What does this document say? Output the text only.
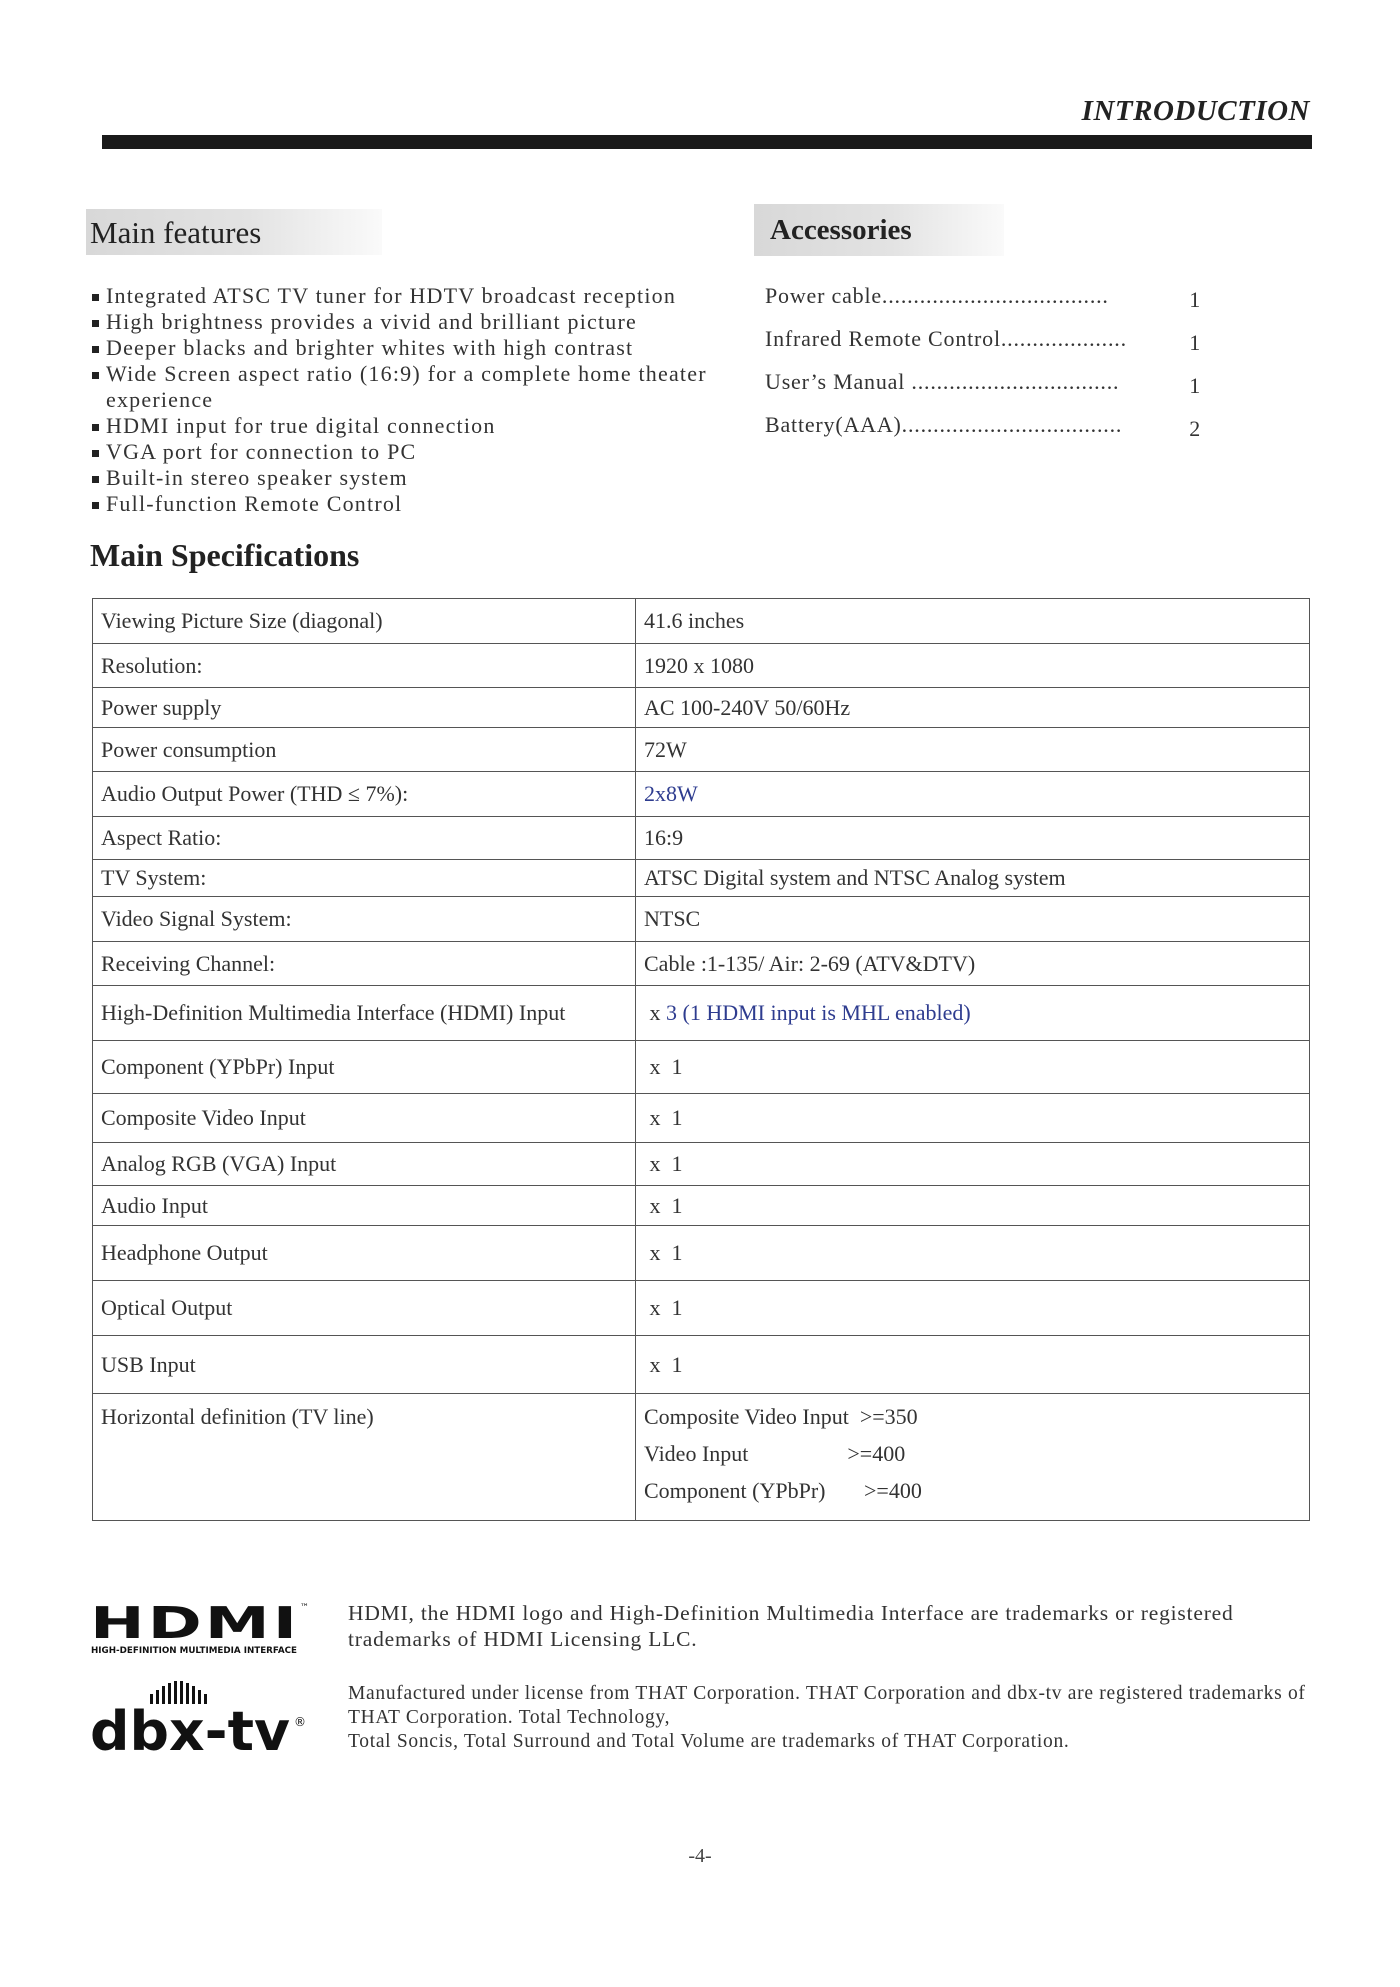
INTRODUCTION
Main features	Accessories
Integrated ATSC TV tuner for HDTV broadcast reception
High brightness provides a vivid and brilliant picture
Deeper blacks and brighter whites with high contrast
Wide Screen aspect ratio (16:9) for a complete home theater experience
HDMI input for true digital connection
VGA port for connection to PC
Built-in stereo speaker system
Full-function Remote Control
Power cable....................................	1
Infrared Remote Control....................	1
User’s Manual .................................	1
Battery(AAA)...................................	2
Main Specifications
Viewing Picture Size (diagonal)	41.6 inches
Resolution:	1920 x 1080
Power supply	AC 100-240V 50/60Hz
Power consumption	72W
Audio Output Power (THD ≤ 7%):	2x8W
Aspect Ratio:	16:9
TV System:	ATSC Digital system and NTSC Analog system
Video Signal System:	NTSC
Receiving Channel:	Cable :1-135/ Air: 2-69 (ATV&DTV)
High-Definition Multimedia Interface (HDMI) Input	x 3 (1 HDMI input is MHL enabled)
Component (YPbPr) Input	x  1
Composite Video Input	x  1
Analog RGB (VGA) Input	x  1
Audio Input	x  1
Headphone Output	x  1
Optical Output	x  1
USB Input	x  1
Horizontal definition (TV line)	Composite Video Input  >=350
Video Input                  >=400
Component (YPbPr)       >=400
HDMI ™
HIGH-DEFINITION MULTIMEDIA INTERFACE
dbx-tv ®

HDMI, the HDMI logo and High-Definition Multimedia Interface are trademarks or registered trademarks of HDMI Licensing LLC.

Manufactured under license from THAT Corporation. THAT Corporation and dbx-tv are registered trademarks of THAT Corporation. Total Technology,

Total Soncis, Total Surround and Total Volume are trademarks of THAT Corporation.

-4-
